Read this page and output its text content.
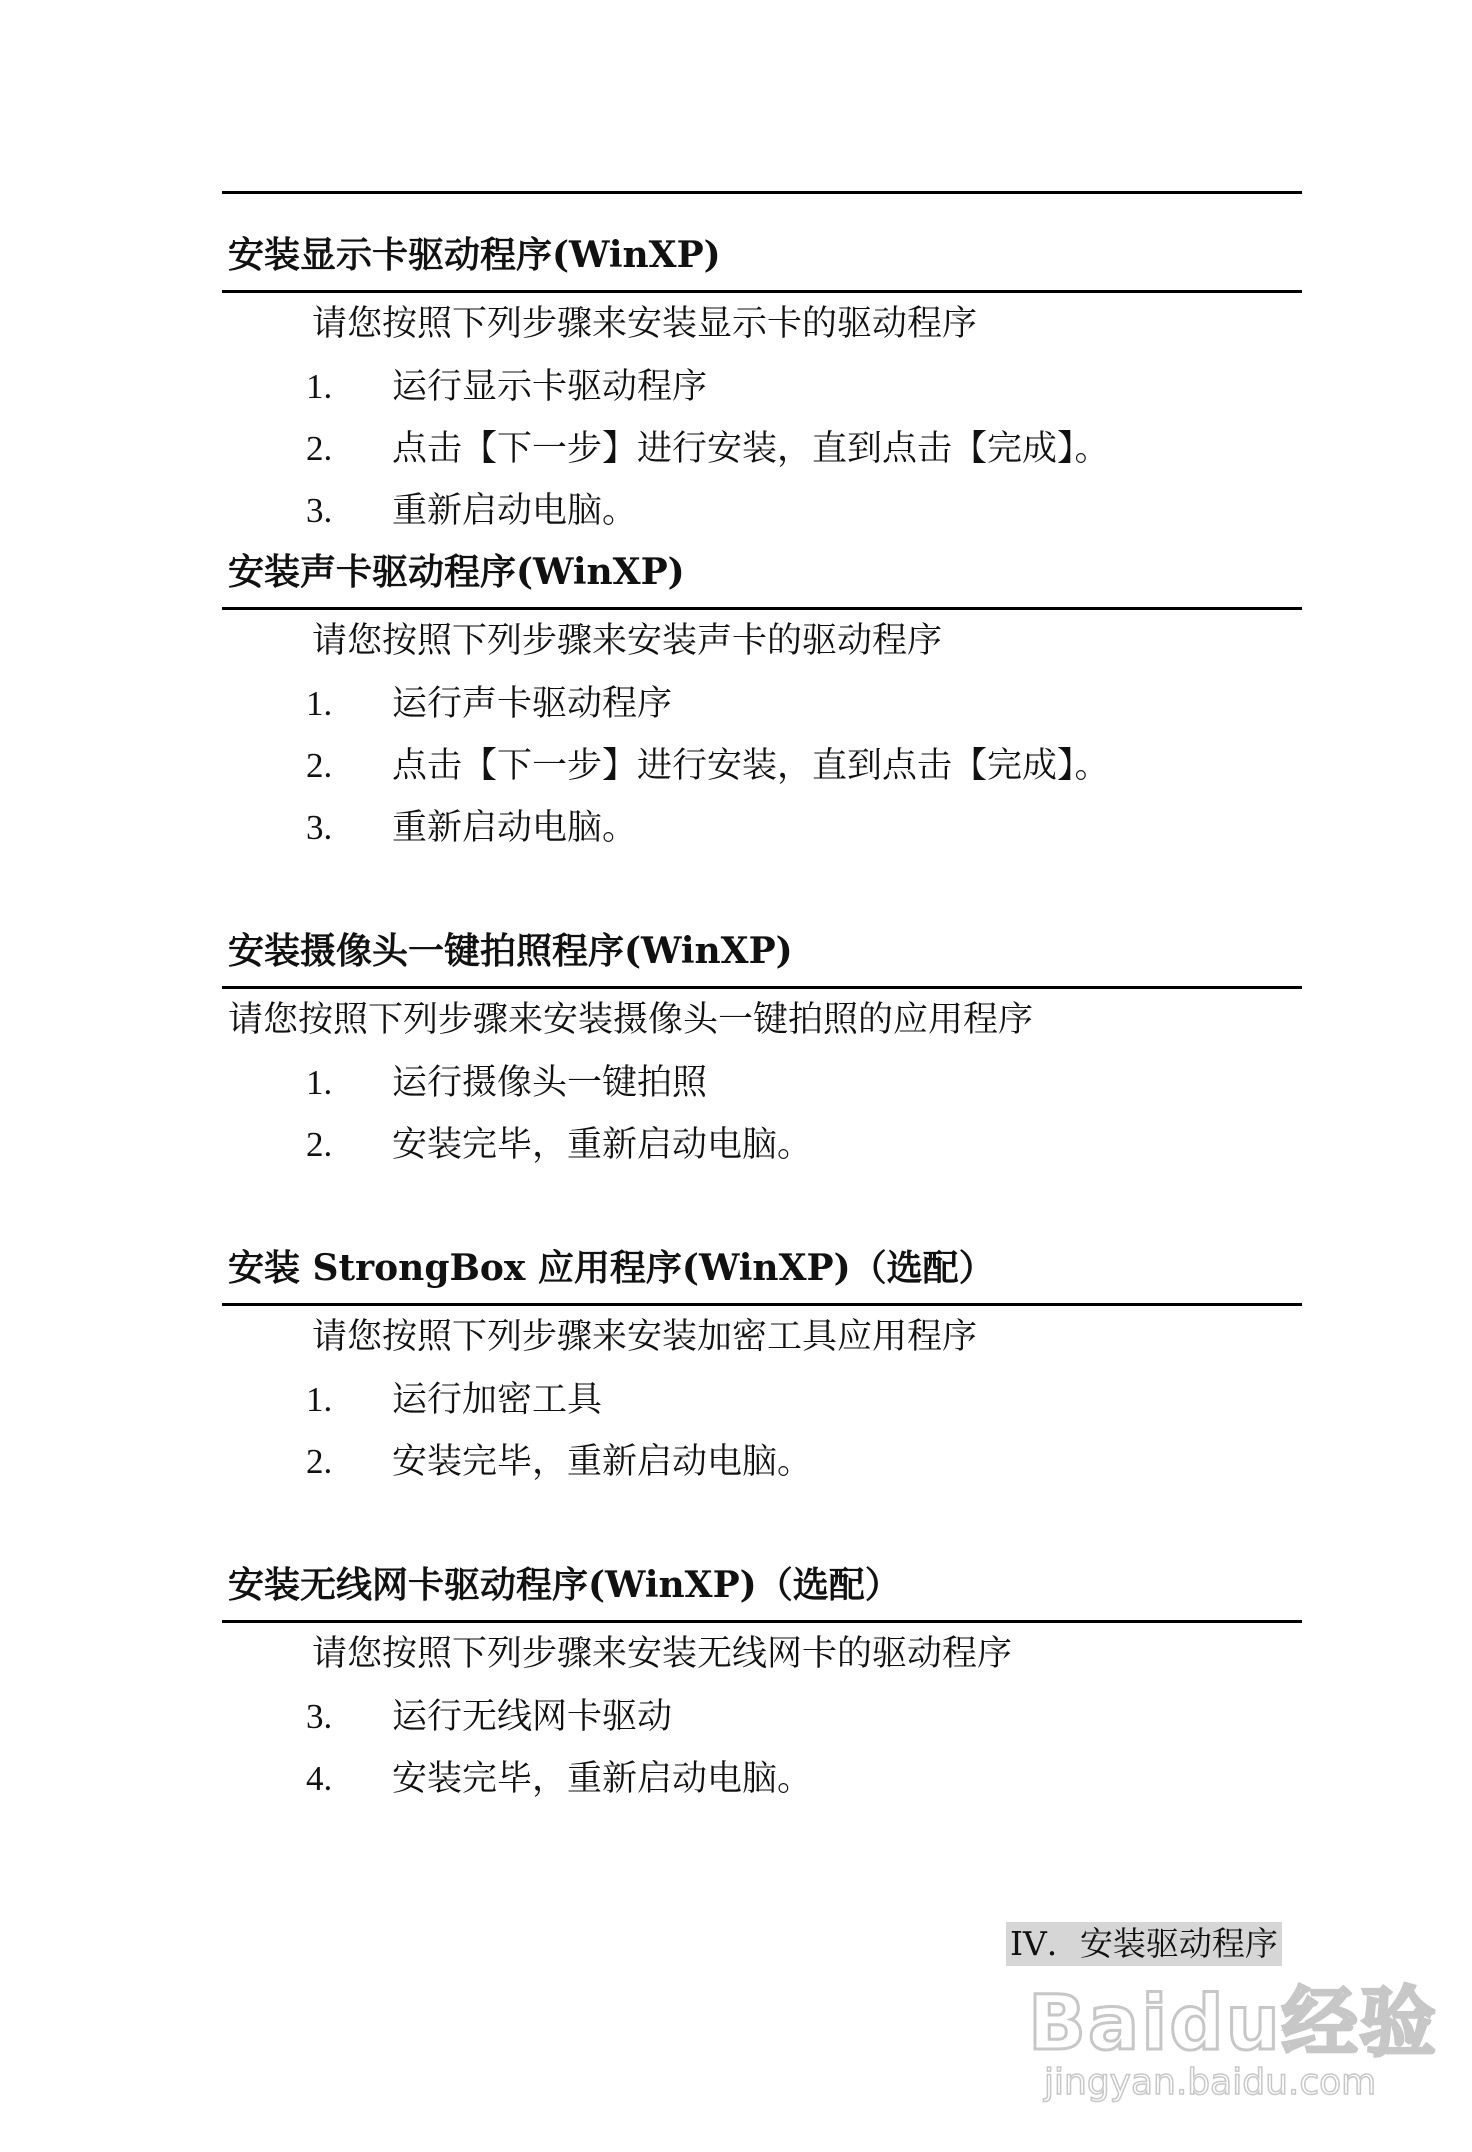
安装显示卡驱动程序(WinXP)
请您按照下列步骤来安装显示卡的驱动程序
1. 运行显示卡驱动程序
2. 点击【下一步】进行安装，直到点击【完成】。
3. 重新启动电脑。
安装声卡驱动程序(WinXP)
请您按照下列步骤来安装声卡的驱动程序
1. 运行声卡驱动程序
2. 点击【下一步】进行安装，直到点击【完成】。
3. 重新启动电脑。
安装摄像头一键拍照程序(WinXP)
请您按照下列步骤来安装摄像头一键拍照的应用程序
1. 运行摄像头一键拍照
2. 安装完毕，重新启动电脑。
安装 StrongBox 应用程序(WinXP)（选配）
请您按照下列步骤来安装加密工具应用程序
1. 运行加密工具
2. 安装完毕，重新启动电脑。
安装无线网卡驱动程序(WinXP)（选配）
请您按照下列步骤来安装无线网卡的驱动程序
3. 运行无线网卡驱动
4. 安装完毕，重新启动电脑。
IV．安装驱动程序
Baidu经验
jingyan.baidu.com
